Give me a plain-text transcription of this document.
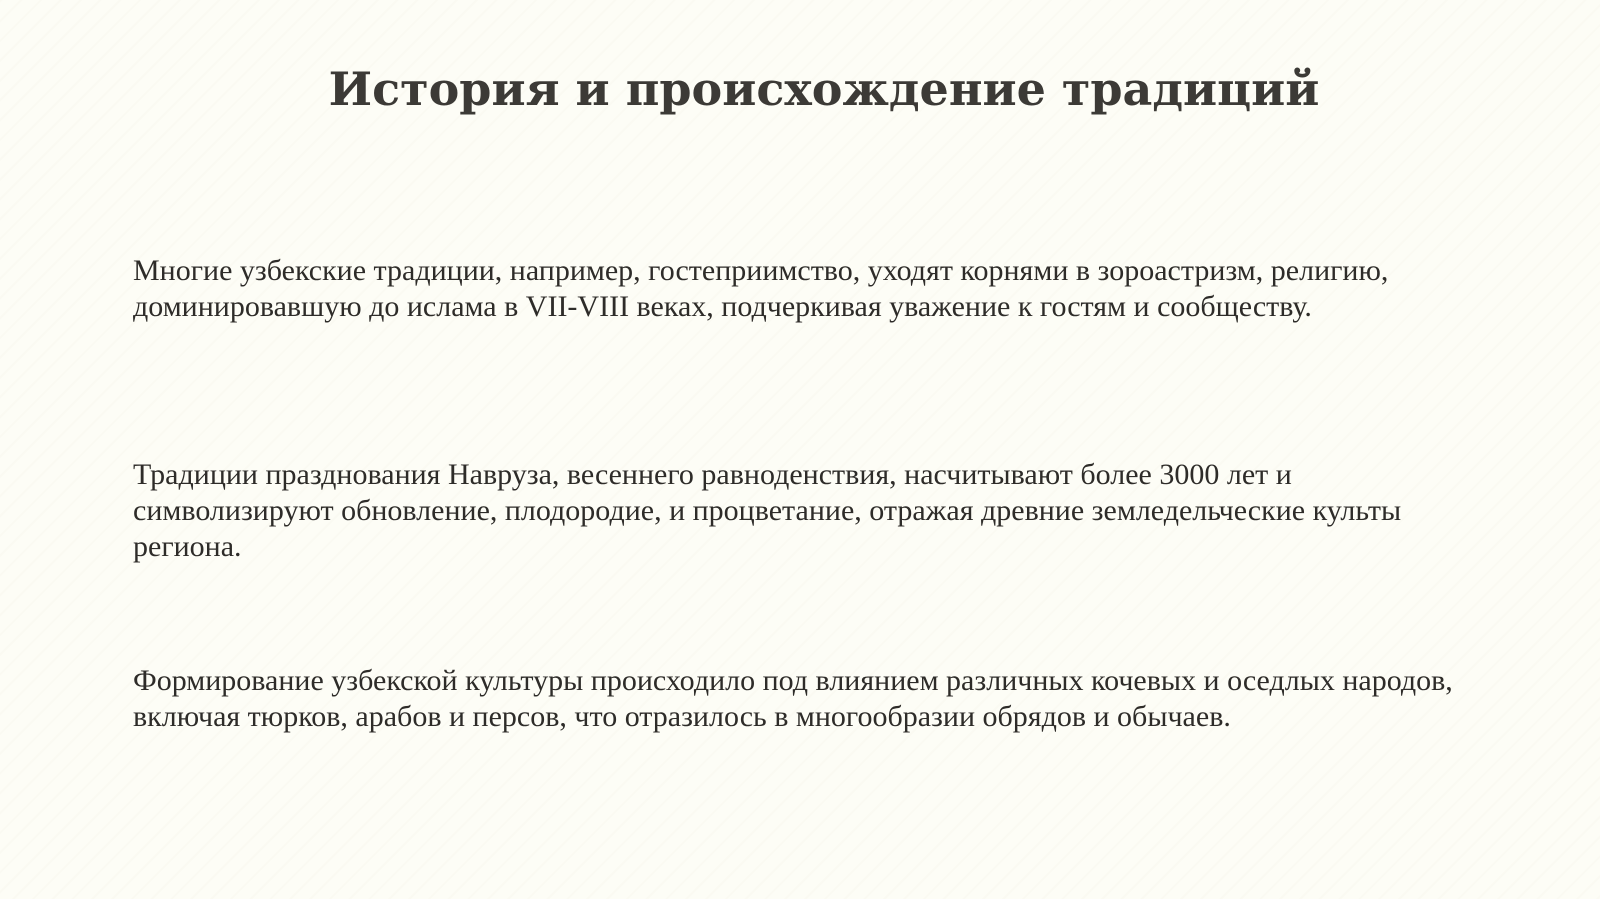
История и происхождение традиций

Многие узбекские традиции, например, гостеприимство, уходят корнями в зороастризм, религию, доминировавшую до ислама в VII-VIII веках, подчеркивая уважение к гостям и сообществу.

Традиции празднования Навруза, весеннего равноденствия, насчитывают более 3000 лет и символизируют обновление, плодородие, и процветание, отражая древние земледельческие культы региона.

Формирование узбекской культуры происходило под влиянием различных кочевых и оседлых народов, включая тюрков, арабов и персов, что отразилось в многообразии обрядов и обычаев.
